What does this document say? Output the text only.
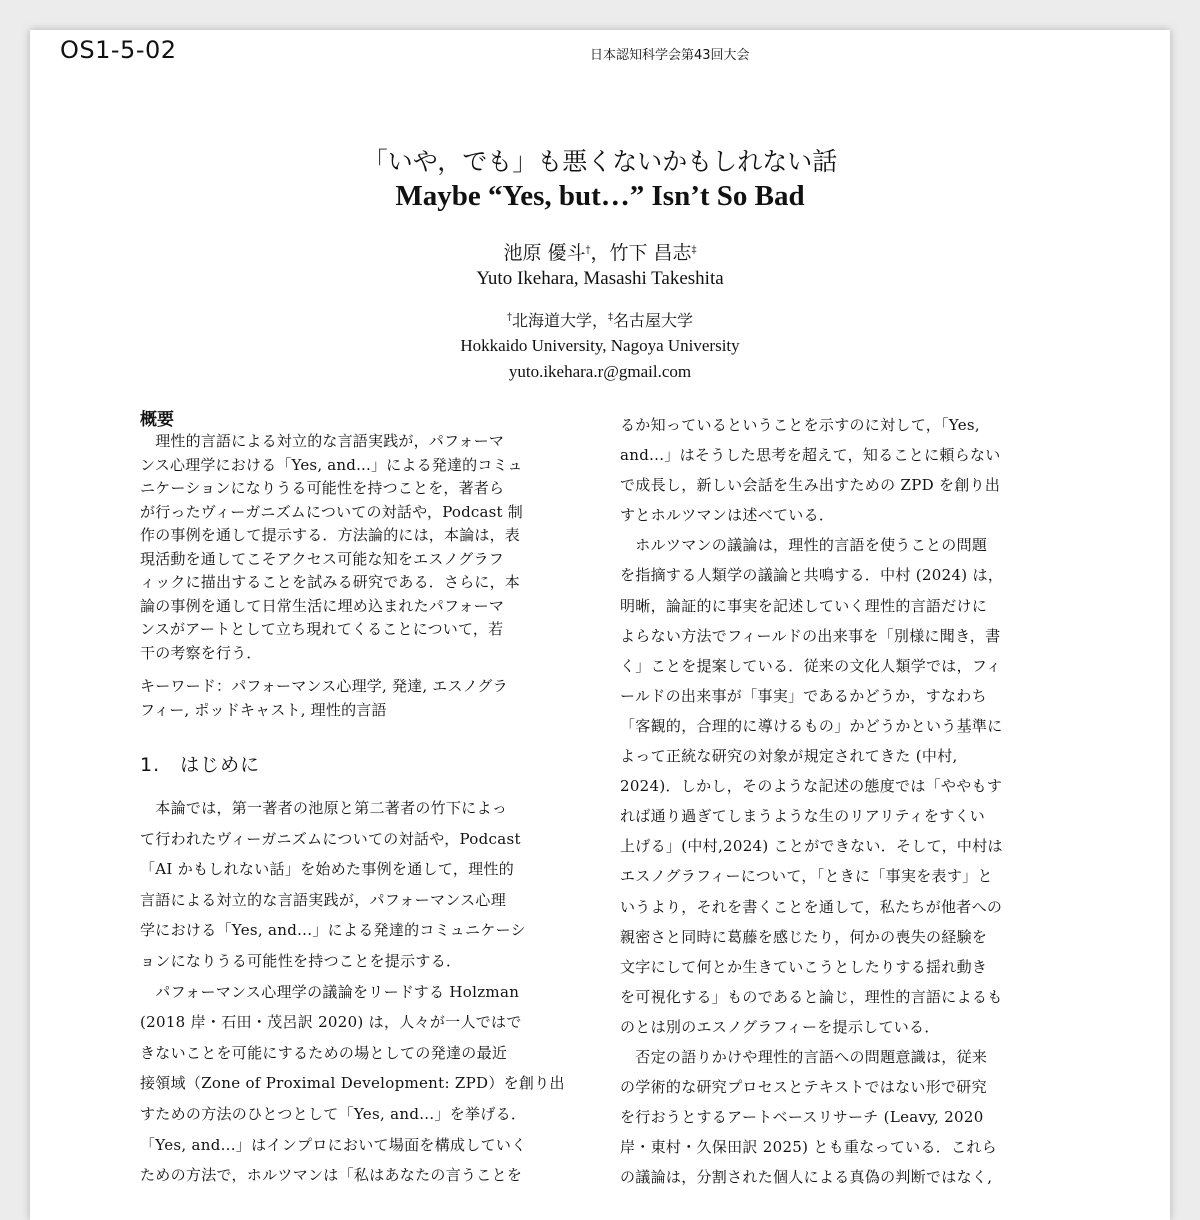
OS1-5-02	日本認知科学会第43回大会
「いや，でも」も悪くないかもしれない話
Maybe “Yes, but…” Isn’t So Bad
池原 優斗†，竹下 昌志‡
Yuto Ikehara, Masashi Takeshita
†北海道大学，‡名古屋大学
Hokkaido University, Nagoya University
yuto.ikehara.r@gmail.com
概要
　理性的言語による対立的な言語実践が，パフォーマ
ンス心理学における「Yes, and...」による発達的コミュ
ニケーションになりうる可能性を持つことを，著者ら
が行ったヴィーガニズムについての対話や，Podcast 制
作の事例を通して提示する．方法論的には，本論は，表
現活動を通してこそアクセス可能な知をエスノグラフ
ィックに描出することを試みる研究である．さらに，本
論の事例を通して日常生活に埋め込まれたパフォーマ
ンスがアートとして立ち現れてくることについて，若
干の考察を行う．
キーワード：パフォーマンス心理学, 発達, エスノグラ
フィー, ポッドキャスト, 理性的言語
1.　はじめに
　本論では，第一著者の池原と第二著者の竹下によっ
て行われたヴィーガニズムについての対話や，Podcast
「AI かもしれない話」を始めた事例を通して，理性的
言語による対立的な言語実践が，パフォーマンス心理
学における「Yes, and...」による発達的コミュニケーシ
ョンになりうる可能性を持つことを提示する．
　パフォーマンス心理学の議論をリードする Holzman
(2018 岸・石田・茂呂訳 2020) は，人々が一人ではで
きないことを可能にするための場としての発達の最近
接領域（Zone of Proximal Development: ZPD）を創り出
すための方法のひとつとして「Yes, and...」を挙げる．
「Yes, and...」はインプロにおいて場面を構成していく
ための方法で，ホルツマンは「私はあなたの言うことを
るか知っているということを示すのに対して，「Yes,
and...」はそうした思考を超えて，知ることに頼らない
で成長し，新しい会話を生み出すための ZPD を創り出
すとホルツマンは述べている．
　ホルツマンの議論は，理性的言語を使うことの問題
を指摘する人類学の議論と共鳴する．中村 (2024) は，
明晰，論証的に事実を記述していく理性的言語だけに
よらない方法でフィールドの出来事を「別様に聞き，書
く」ことを提案している．従来の文化人類学では，フィ
ールドの出来事が「事実」であるかどうか，すなわち
「客観的，合理的に導けるもの」かどうかという基準に
よって正統な研究の対象が規定されてきた (中村,
2024)．しかし，そのような記述の態度では「ややもす
れば通り過ぎてしまうような生のリアリティをすくい
上げる」(中村,2024) ことができない．そして，中村は
エスノグラフィーについて，「ときに「事実を表す」と
いうより，それを書くことを通して，私たちが他者への
親密さと同時に葛藤を感じたり，何かの喪失の経験を
文字にして何とか生きていこうとしたりする揺れ動き
を可視化する」ものであると論じ，理性的言語によるも
のとは別のエスノグラフィーを提示している．
　否定の語りかけや理性的言語への問題意識は，従来
の学術的な研究プロセスとテキストではない形で研究
を行おうとするアートベースリサーチ (Leavy, 2020
岸・東村・久保田訳 2025) とも重なっている．これら
の議論は，分割された個人による真偽の判断ではなく,
